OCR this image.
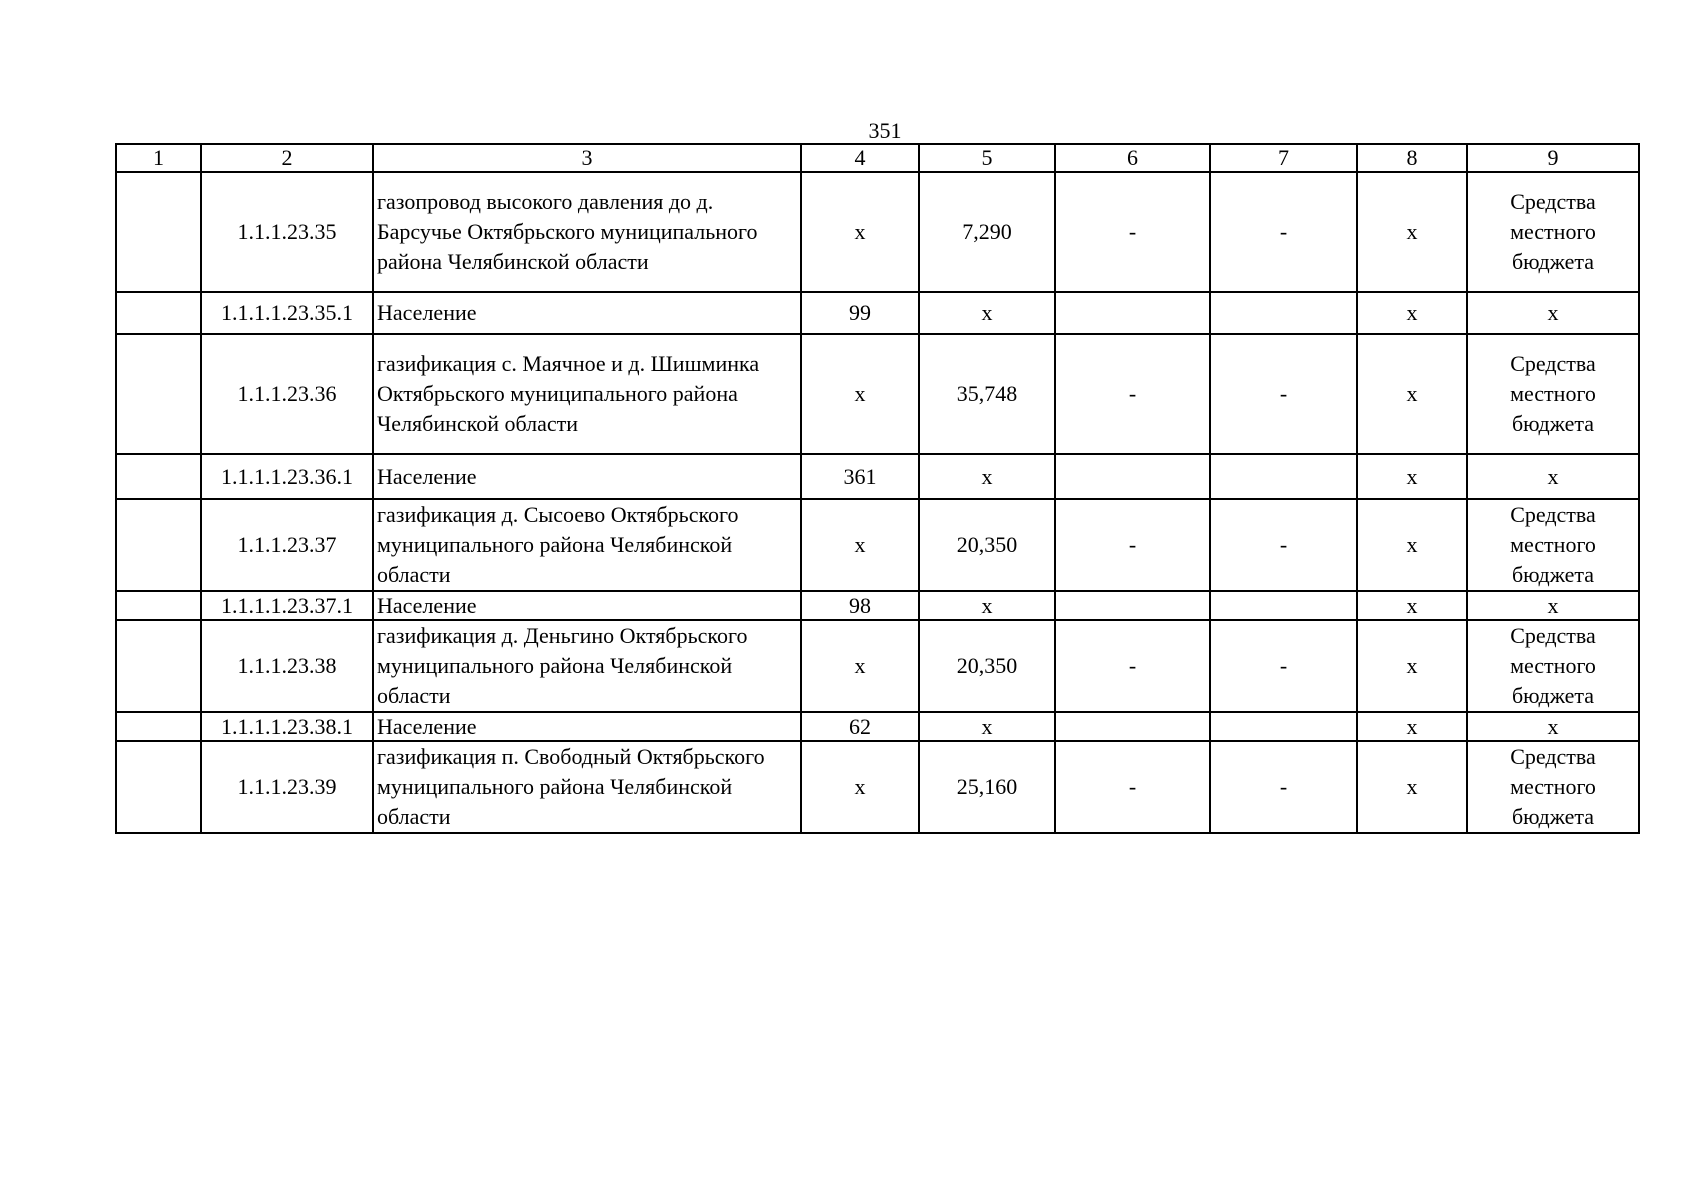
351
1	2	3	4	5	6	7	8	9
	1.1.1.23.35	газопровод высокого давления до д. Барсучье Октябрьского муниципального района Челябинской области	х	7,290	-	-	х	Средства местного бюджета
	1.1.1.1.23.35.1	Население	99	х			х	х
	1.1.1.23.36	газификация с. Маячное и д. Шишминка Октябрьского муниципального района Челябинской области	х	35,748	-	-	х	Средства местного бюджета
	1.1.1.1.23.36.1	Население	361	х			х	х
	1.1.1.23.37	газификация д. Сысоево Октябрьского муниципального района Челябинской области	х	20,350	-	-	х	Средства местного бюджета
	1.1.1.1.23.37.1	Население	98	х			х	х
	1.1.1.23.38	газификация д. Деньгино Октябрьского муниципального района Челябинской области	х	20,350	-	-	х	Средства местного бюджета
	1.1.1.1.23.38.1	Население	62	х			х	х
	1.1.1.23.39	газификация п. Свободный Октябрьского муниципального района Челябинской области	х	25,160	-	-	х	Средства местного бюджета
